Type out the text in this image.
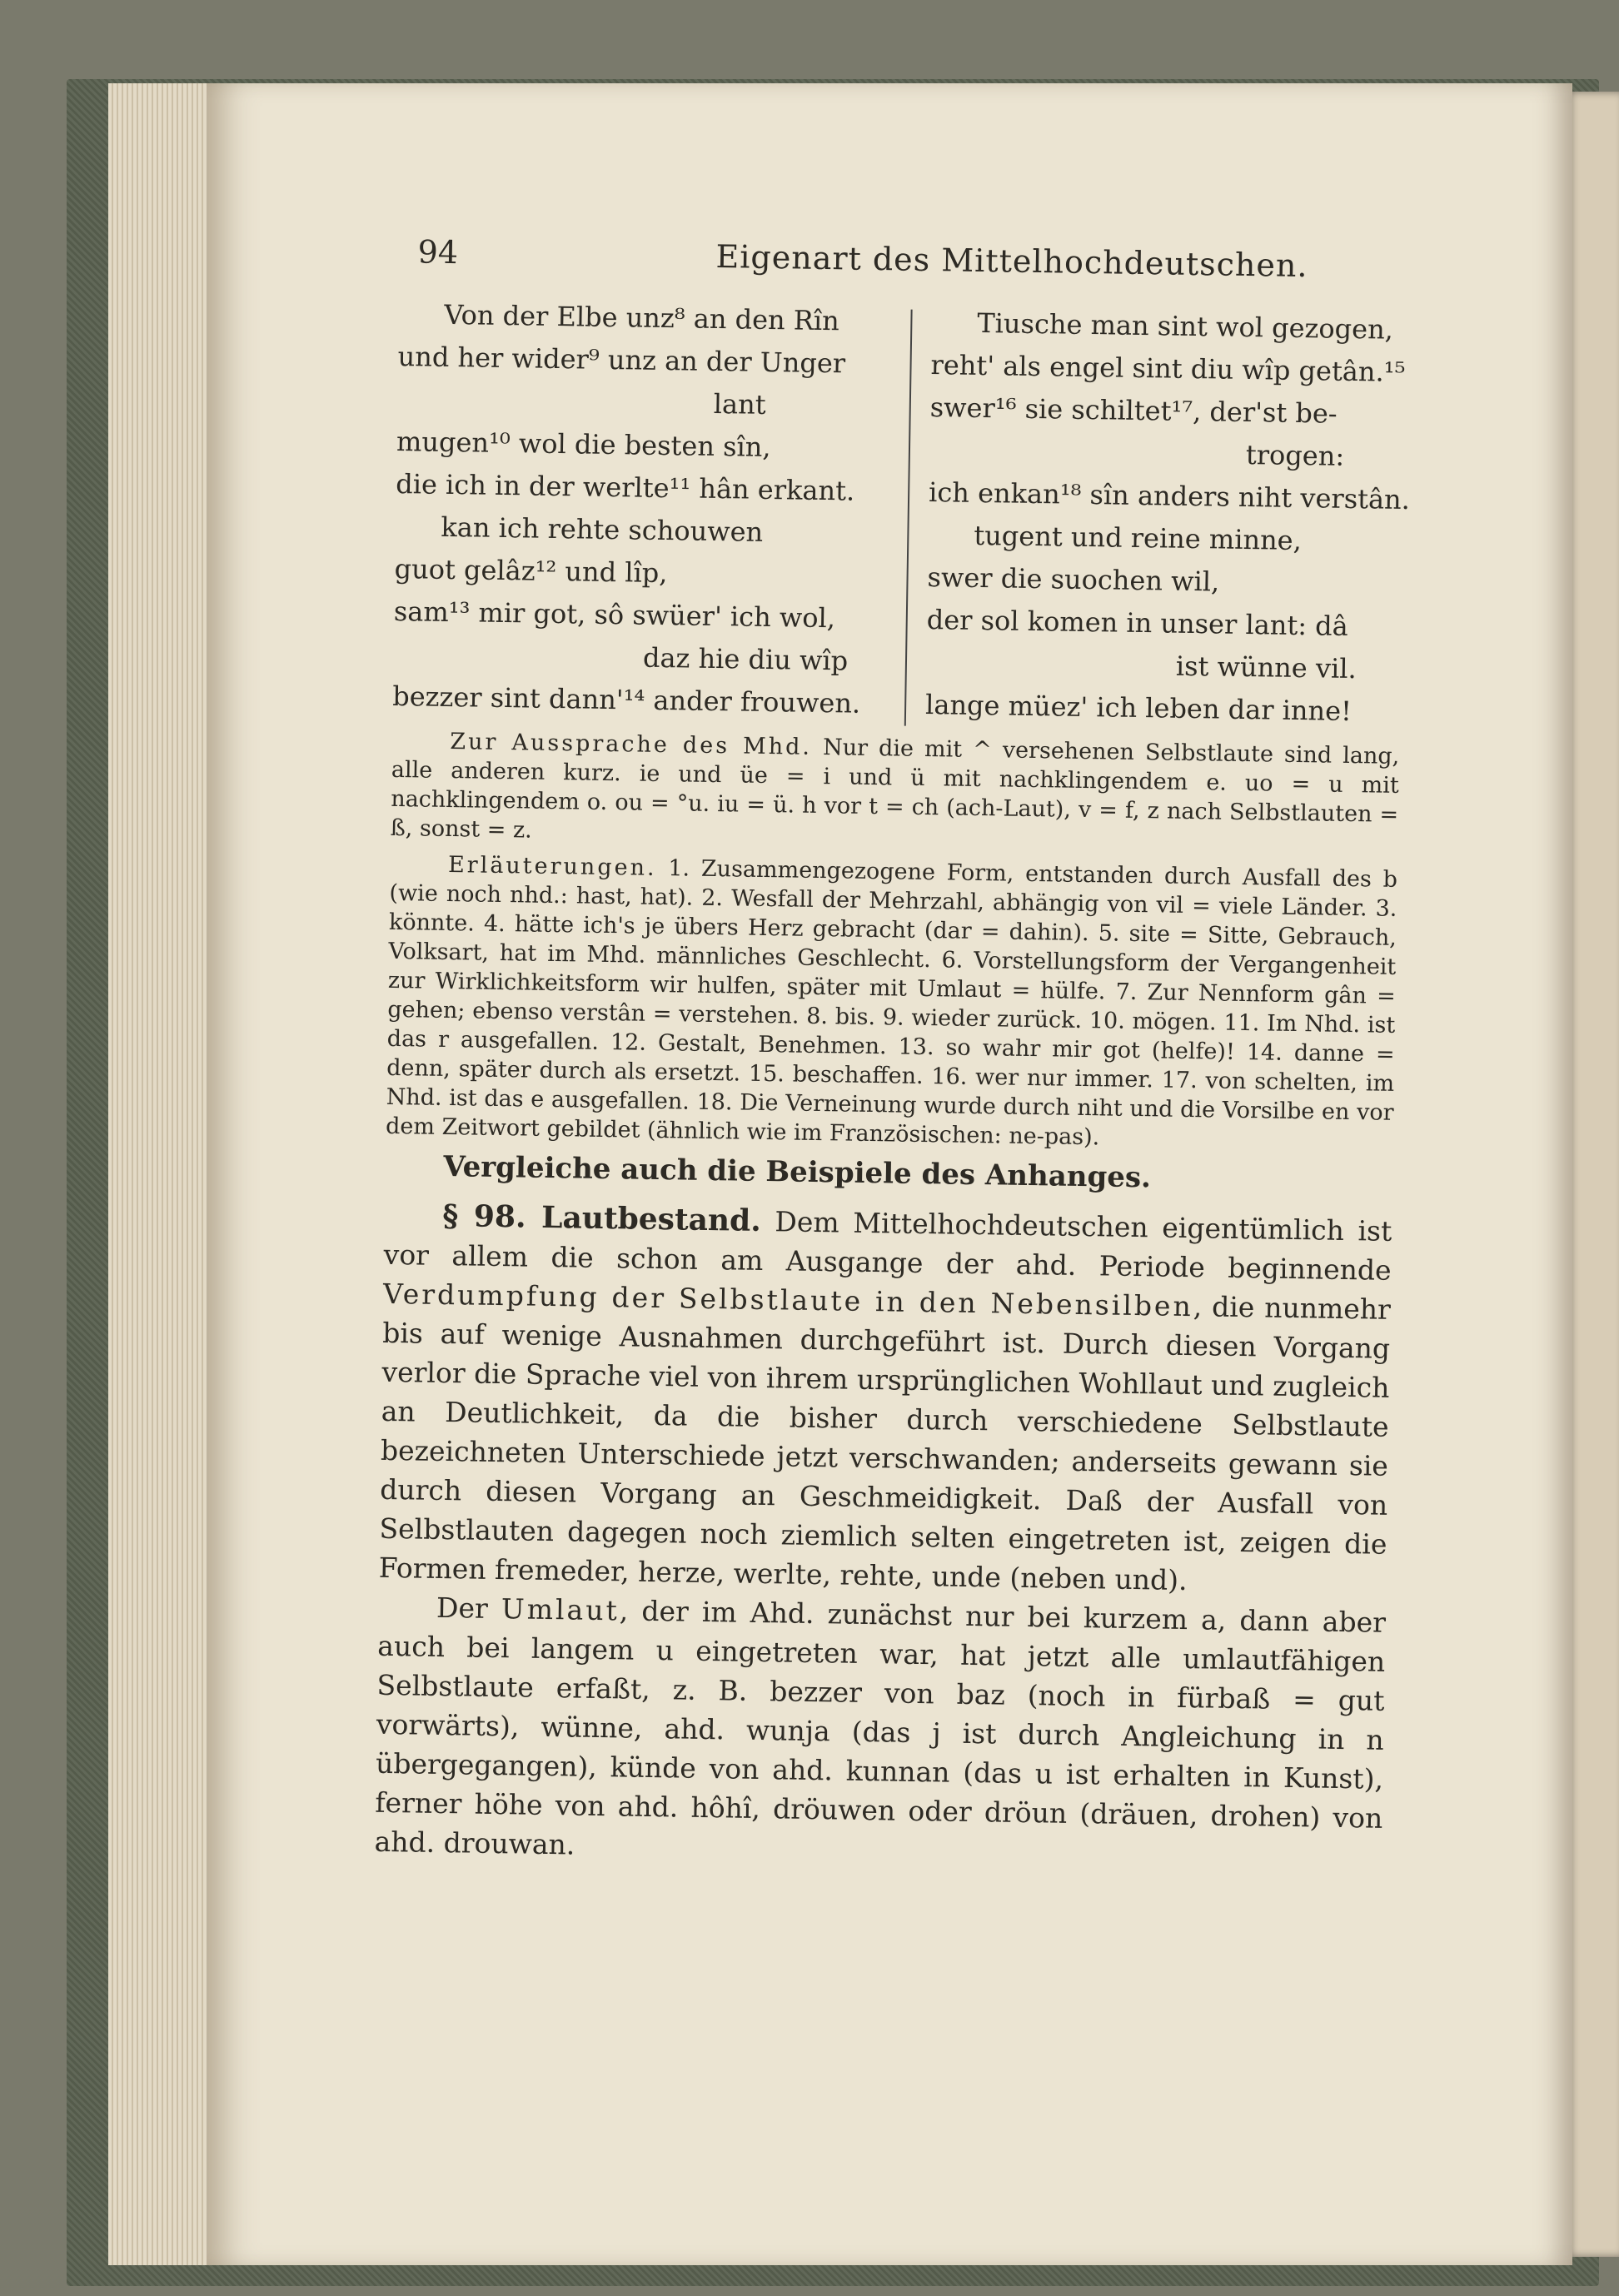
94	Eigenart des Mittelhochdeutschen.
Von der Elbe unz⁸ an den Rîn
und her wider⁹ unz an der Unger
lant
mugen¹⁰ wol die besten sîn,
die ich in der werlte¹¹ hân erkant.
kan ich rehte schouwen
guot gelâz¹² und lîp,
sam¹³ mir got, sô swüer' ich wol,
daz hie diu wîp
bezzer sint dann'¹⁴ ander frouwen.
Tiusche man sint wol gezogen,
reht' als engel sint diu wîp getân.¹⁵
swer¹⁶ sie schiltet¹⁷, der'st be-
trogen:
ich enkan¹⁸ sîn anders niht verstân.
tugent und reine minne,
swer die suochen wil,
der sol komen in unser lant: dâ
ist wünne vil.
lange müez' ich leben dar inne!

Zur Aussprache des Mhd. Nur die mit ^ versehenen Selbstlaute sind lang, alle anderen kurz. ie und üe = i und ü mit nachklingendem e. uo = u mit nachklingendem o. ou = °u. iu = ü. h vor t = ch (ach-Laut), v = f, z nach Selbstlauten = ß, sonst = z.

Erläuterungen. 1. Zusammengezogene Form, entstanden durch Ausfall des b (wie noch nhd.: hast, hat). 2. Wesfall der Mehrzahl, abhängig von vil = viele Länder. 3. könnte. 4. hätte ich's je übers Herz gebracht (dar = dahin). 5. site = Sitte, Gebrauch, Volksart, hat im Mhd. männliches Geschlecht. 6. Vorstellungsform der Vergangenheit zur Wirklichkeitsform wir hulfen, später mit Umlaut = hülfe. 7. Zur Nennform gân = gehen; ebenso verstân = verstehen. 8. bis. 9. wieder zurück. 10. mögen. 11. Im Nhd. ist das r ausgefallen. 12. Gestalt, Benehmen. 13. so wahr mir got (helfe)! 14. danne = denn, später durch als ersetzt. 15. beschaffen. 16. wer nur immer. 17. von schelten, im Nhd. ist das e ausgefallen. 18. Die Verneinung wurde durch niht und die Vorsilbe en vor dem Zeitwort gebildet (ähnlich wie im Französischen: ne-pas).

Vergleiche auch die Beispiele des Anhanges.

§ 98. Lautbestand. Dem Mittelhochdeutschen eigentümlich ist vor allem die schon am Ausgange der ahd. Periode beginnende Verdumpfung der Selbstlaute in den Nebensilben, die nunmehr bis auf wenige Ausnahmen durchgeführt ist. Durch diesen Vorgang verlor die Sprache viel von ihrem ursprünglichen Wohllaut und zugleich an Deutlichkeit, da die bisher durch verschiedene Selbstlaute bezeichneten Unterschiede jetzt verschwanden; anderseits gewann sie durch diesen Vorgang an Geschmeidigkeit. Daß der Ausfall von Selbstlauten dagegen noch ziemlich selten eingetreten ist, zeigen die Formen fremeder, herze, werlte, rehte, unde (neben und).

Der Umlaut, der im Ahd. zunächst nur bei kurzem a, dann aber auch bei langem u eingetreten war, hat jetzt alle umlautfähigen Selbstlaute erfaßt, z. B. bezzer von baz (noch in fürbaß = gut vorwärts), wünne, ahd. wunja (das j ist durch Angleichung in n übergegangen), künde von ahd. kunnan (das u ist erhalten in Kunst), ferner höhe von ahd. hôhî, dröuwen oder dröun (dräuen, drohen) von ahd. drouwan.
